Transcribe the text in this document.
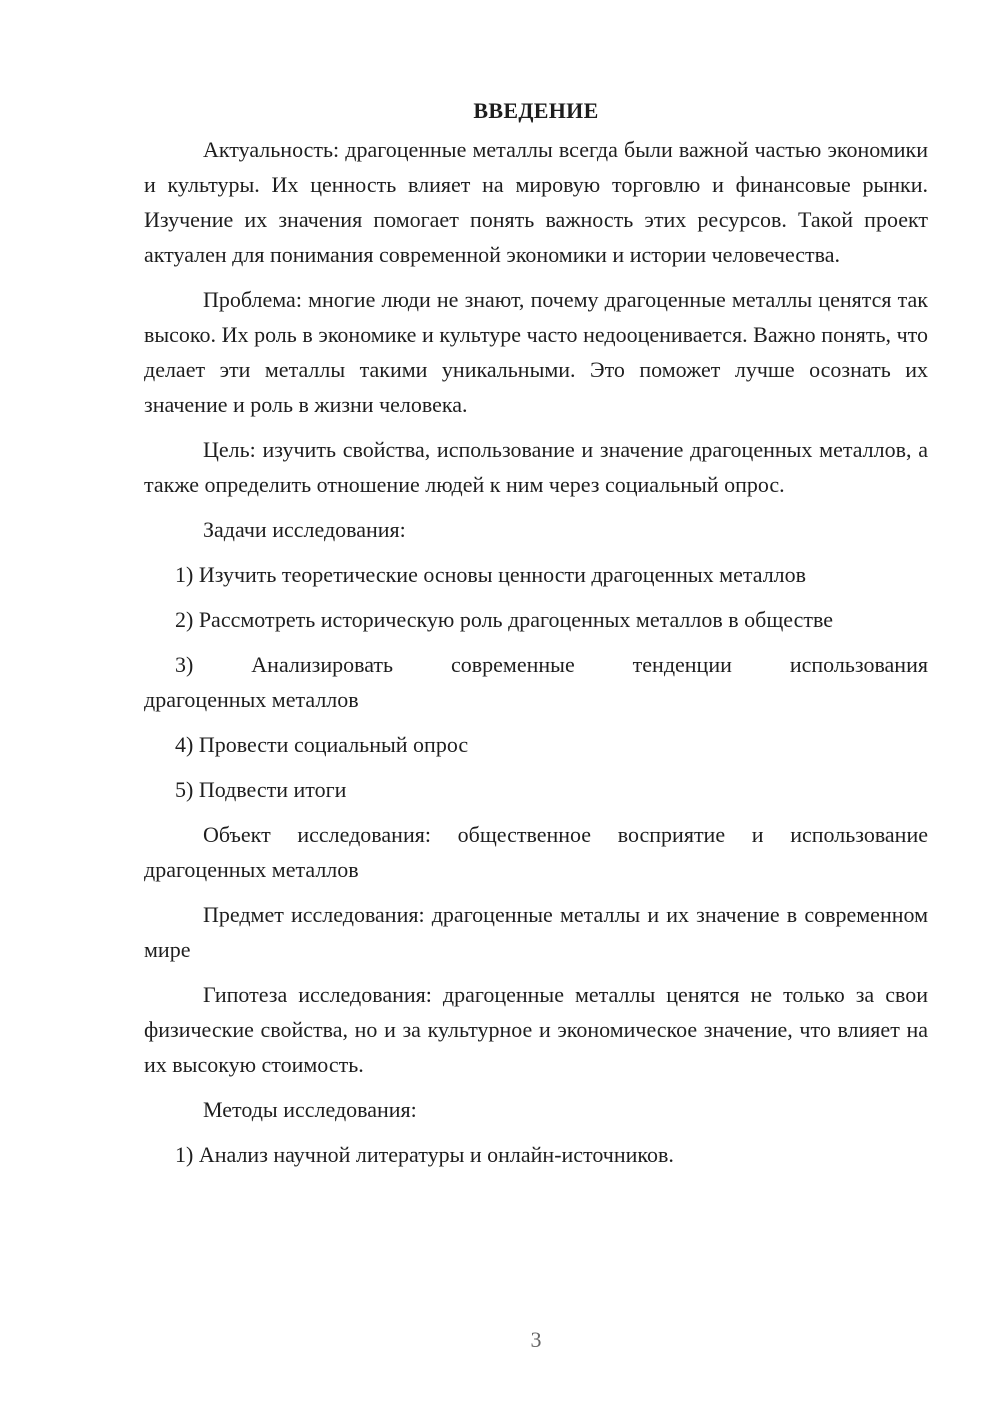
ВВЕДЕНИЕ

Актуальность: драгоценные металлы всегда были важной частью экономики и культуры. Их ценность влияет на мировую торговлю и финансовые рынки. Изучение их значения помогает понять важность этих ресурсов. Такой проект актуален для понимания современной экономики и истории человечества.

Проблема: многие люди не знают, почему драгоценные металлы ценятся так высоко. Их роль в экономике и культуре часто недооценивается. Важно понять, что делает эти металлы такими уникальными. Это поможет лучше осознать их значение и роль в жизни человека.

Цель: изучить свойства, использование и значение драгоценных металлов, а также определить отношение людей к ним через социальный опрос.

Задачи исследования:

1) Изучить теоретические основы ценности драгоценных металлов

2) Рассмотреть историческую роль драгоценных металлов в обществе

3)	Анализировать	современные	тенденции	использования

драгоценных металлов

4) Провести социальный опрос

5) Подвести итоги

Объект исследования: общественное восприятие и использование драгоценных металлов

Предмет исследования: драгоценные металлы и их значение в современном мире

Гипотеза исследования: драгоценные металлы ценятся не только за свои физические свойства, но и за культурное и экономическое значение, что влияет на их высокую стоимость.

Методы исследования:

1) Анализ научной литературы и онлайн-источников.

3
